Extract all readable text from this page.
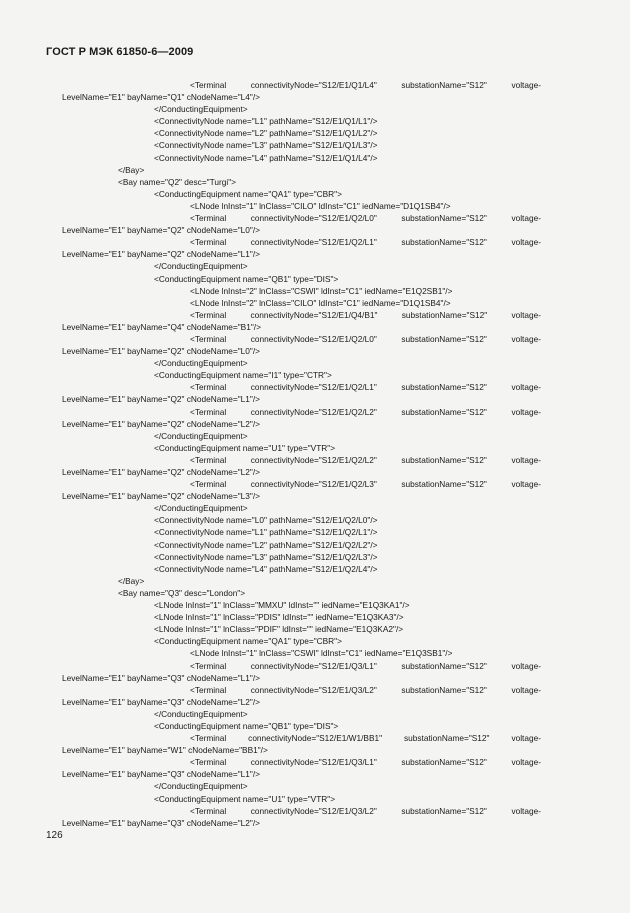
ГОСТ Р МЭК 61850-6—2009
<Terminal	connectivityNode="S12/E1/Q1/L4"	substationName="S12"	voltage-
LevelName="E1" bayName="Q1" cNodeName="L4"/>
</ConductingEquipment>
<ConnectivityNode name="L1" pathName="S12/E1/Q1/L1"/>
<ConnectivityNode name="L2" pathName="S12/E1/Q1/L2"/>
<ConnectivityNode name="L3" pathName="S12/E1/Q1/L3"/>
<ConnectivityNode name="L4" pathName="S12/E1/Q1/L4"/>
</Bay>
<Bay name="Q2" desc="Turgi">
<ConductingEquipment name="QA1" type="CBR">
<LNode lnInst="1" lnClass="CILO" ldInst="C1" iedName="D1Q1SB4"/>
<Terminal	connectivityNode="S12/E1/Q2/L0"	substationName="S12"	voltage-
LevelName="E1" bayName="Q2" cNodeName="L0"/>
<Terminal	connectivityNode="S12/E1/Q2/L1"	substationName="S12"	voltage-
LevelName="E1" bayName="Q2" cNodeName="L1"/>
</ConductingEquipment>
<ConductingEquipment name="QB1" type="DIS">
<LNode lnInst="2" lnClass="CSWI" ldInst="C1" iedName="E1Q2SB1"/>
<LNode lnInst="2" lnClass="CILO" ldInst="C1" iedName="D1Q1SB4"/>
<Terminal	connectivityNode="S12/E1/Q4/B1"	substationName="S12"	voltage-
LevelName="E1" bayName="Q4" cNodeName="B1"/>
<Terminal	connectivityNode="S12/E1/Q2/L0"	substationName="S12"	voltage-
LevelName="E1" bayName="Q2" cNodeName="L0"/>
</ConductingEquipment>
<ConductingEquipment name="I1" type="CTR">
<Terminal	connectivityNode="S12/E1/Q2/L1"	substationName="S12"	voltage-
LevelName="E1" bayName="Q2" cNodeName="L1"/>
<Terminal	connectivityNode="S12/E1/Q2/L2"	substationName="S12"	voltage-
LevelName="E1" bayName="Q2" cNodeName="L2"/>
</ConductingEquipment>
<ConductingEquipment name="U1" type="VTR">
<Terminal	connectivityNode="S12/E1/Q2/L2"	substationName="S12"	voltage-
LevelName="E1" bayName="Q2" cNodeName="L2"/>
<Terminal	connectivityNode="S12/E1/Q2/L3"	substationName="S12"	voltage-
LevelName="E1" bayName="Q2" cNodeName="L3"/>
</ConductingEquipment>
<ConnectivityNode name="L0" pathName="S12/E1/Q2/L0"/>
<ConnectivityNode name="L1" pathName="S12/E1/Q2/L1"/>
<ConnectivityNode name="L2" pathName="S12/E1/Q2/L2"/>
<ConnectivityNode name="L3" pathName="S12/E1/Q2/L3"/>
<ConnectivityNode name="L4" pathName="S12/E1/Q2/L4"/>
</Bay>
<Bay name="Q3" desc="London">
<LNode lnInst="1" lnClass="MMXU" ldInst="" iedName="E1Q3KA1"/>
<LNode lnInst="1" lnClass="PDIS" ldInst="" iedName="E1Q3KA3"/>
<LNode lnInst="1" lnClass="PDIF" ldInst="" iedName="E1Q3KA2"/>
<ConductingEquipment name="QA1" type="CBR">
<LNode lnInst="1" lnClass="CSWI" ldInst="C1" iedName="E1Q3SB1"/>
<Terminal	connectivityNode="S12/E1/Q3/L1"	substationName="S12"	voltage-
LevelName="E1" bayName="Q3" cNodeName="L1"/>
<Terminal	connectivityNode="S12/E1/Q3/L2"	substationName="S12"	voltage-
LevelName="E1" bayName="Q3" cNodeName="L2"/>
</ConductingEquipment>
<ConductingEquipment name="QB1" type="DIS">
<Terminal	connectivityNode="S12/E1/W1/BB1"	substationName="S12"	voltage-
LevelName="E1" bayName="W1" cNodeName="BB1"/>
<Terminal	connectivityNode="S12/E1/Q3/L1"	substationName="S12"	voltage-
LevelName="E1" bayName="Q3" cNodeName="L1"/>
</ConductingEquipment>
<ConductingEquipment name="U1" type="VTR">
<Terminal	connectivityNode="S12/E1/Q3/L2"	substationName="S12"	voltage-
LevelName="E1" bayName="Q3" cNodeName="L2"/>
126
